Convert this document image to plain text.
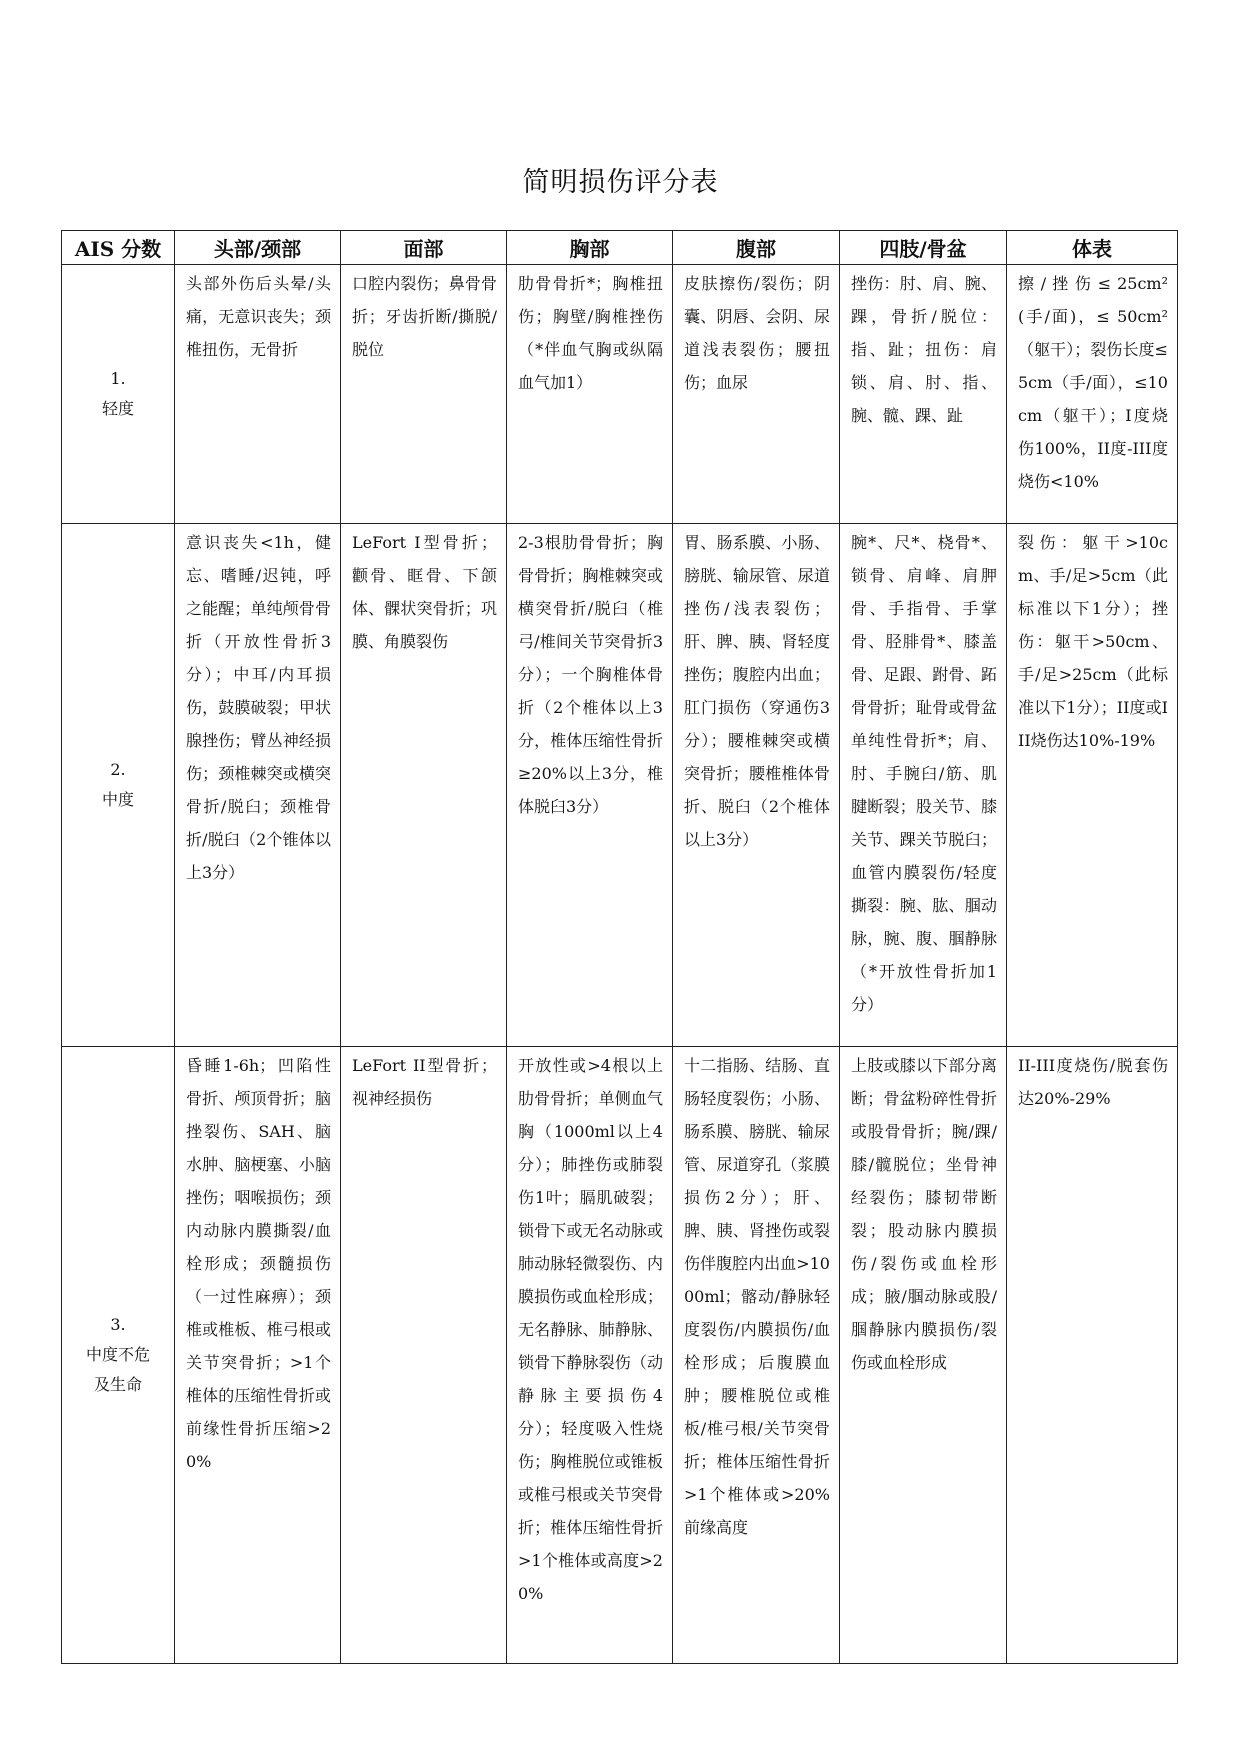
简明损伤评分表
AIS 分数	头部/颈部	面部	胸部	腹部	四肢/骨盆	体表

1.
轻度	头部外伤后头晕/头痛，无意识丧失；颈椎扭伤，无骨折	口腔内裂伤；鼻骨骨折；牙齿折断/撕脱/脱位	肋骨骨折*；胸椎扭伤；胸壁/胸椎挫伤（*伴血气胸或纵隔血气加1）	皮肤擦伤/裂伤；阴囊、阴唇、会阴、尿道浅表裂伤；腰扭伤；血尿	挫伤：肘、肩、腕、踝，骨折/脱位：指、趾；扭伤：肩锁、肩、肘、指、腕、髋、踝、趾	擦 / 挫 伤 ≤ 25cm²(手/面)，≤ 50cm²（躯干）；裂伤长度≤5cm（手/面），≤10cm（躯干）；I度烧伤100%，II度-III度烧伤<10%

2.
中度	意识丧失<1h，健忘、嗜睡/迟钝，呼之能醒；单纯颅骨骨折（开放性骨折3分）；中耳/内耳损伤，鼓膜破裂；甲状腺挫伤；臂丛神经损伤；颈椎棘突或横突骨折/脱臼；颈椎骨折/脱臼（2个锥体以上3分）	LeFort I型骨折；颧骨、眶骨、下颌体、髁状突骨折；巩膜、角膜裂伤	2-3根肋骨骨折；胸骨骨折；胸椎棘突或横突骨折/脱臼（椎弓/椎间关节突骨折3分）；一个胸椎体骨折（2个椎体以上3分，椎体压缩性骨折≥20%以上3分，椎体脱臼3分）	胃、肠系膜、小肠、膀胱、输尿管、尿道挫伤/浅表裂伤；肝、脾、胰、肾轻度挫伤；腹腔内出血；肛门损伤（穿通伤3分）；腰椎棘突或横突骨折；腰椎椎体骨折、脱臼（2个椎体以上3分）	腕*、尺*、桡骨*、锁骨、肩峰、肩胛骨、手指骨、手掌骨、胫腓骨*、膝盖骨、足跟、跗骨、跖骨骨折；耻骨或骨盆单纯性骨折*；肩、肘、手腕臼/筋、肌腱断裂；股关节、膝关节、踝关节脱臼；血管内膜裂伤/轻度撕裂：腕、肱、腘动脉，腕、腹、腘静脉（*开放性骨折加1分）	裂伤：躯干>10cm、手/足>5cm（此标准以下1分）；挫伤：躯干>50cm、手/足>25cm（此标准以下1分）；II度或III烧伤达10%-19%

3.
中度不危及生命	昏睡1-6h；凹陷性骨折、颅顶骨折；脑挫裂伤、SAH、脑水肿、脑梗塞、小脑挫伤；咽喉损伤；颈内动脉内膜撕裂/血栓形成；颈髓损伤（一过性麻痹）；颈椎或椎板、椎弓根或关节突骨折；>1个椎体的压缩性骨折或前缘性骨折压缩>20%	LeFort II型骨折；视神经损伤	开放性或>4根以上肋骨骨折；单侧血气胸（1000ml以上4分）；肺挫伤或肺裂伤1叶；膈肌破裂；锁骨下或无名动脉或肺动脉轻微裂伤、内膜损伤或血栓形成；无名静脉、肺静脉、锁骨下静脉裂伤（动静脉主要损伤4分）；轻度吸入性烧伤；胸椎脱位或锥板或椎弓根或关节突骨折；椎体压缩性骨折>1个椎体或高度>20%	十二指肠、结肠、直肠轻度裂伤；小肠、肠系膜、膀胱、输尿管、尿道穿孔（浆膜损伤2分）；肝、脾、胰、肾挫伤或裂伤伴腹腔内出血>1000ml；髂动/静脉轻度裂伤/内膜损伤/血栓形成；后腹膜血肿；腰椎脱位或椎板/椎弓根/关节突骨折；椎体压缩性骨折>1个椎体或>20%前缘高度	上肢或膝以下部分离断；骨盆粉碎性骨折或股骨骨折；腕/踝/膝/髋脱位；坐骨神经裂伤；膝韧带断裂；股动脉内膜损伤/裂伤或血栓形成；腋/腘动脉或股/腘静脉内膜损伤/裂伤或血栓形成	II-III度烧伤/脱套伤达20%-29%
